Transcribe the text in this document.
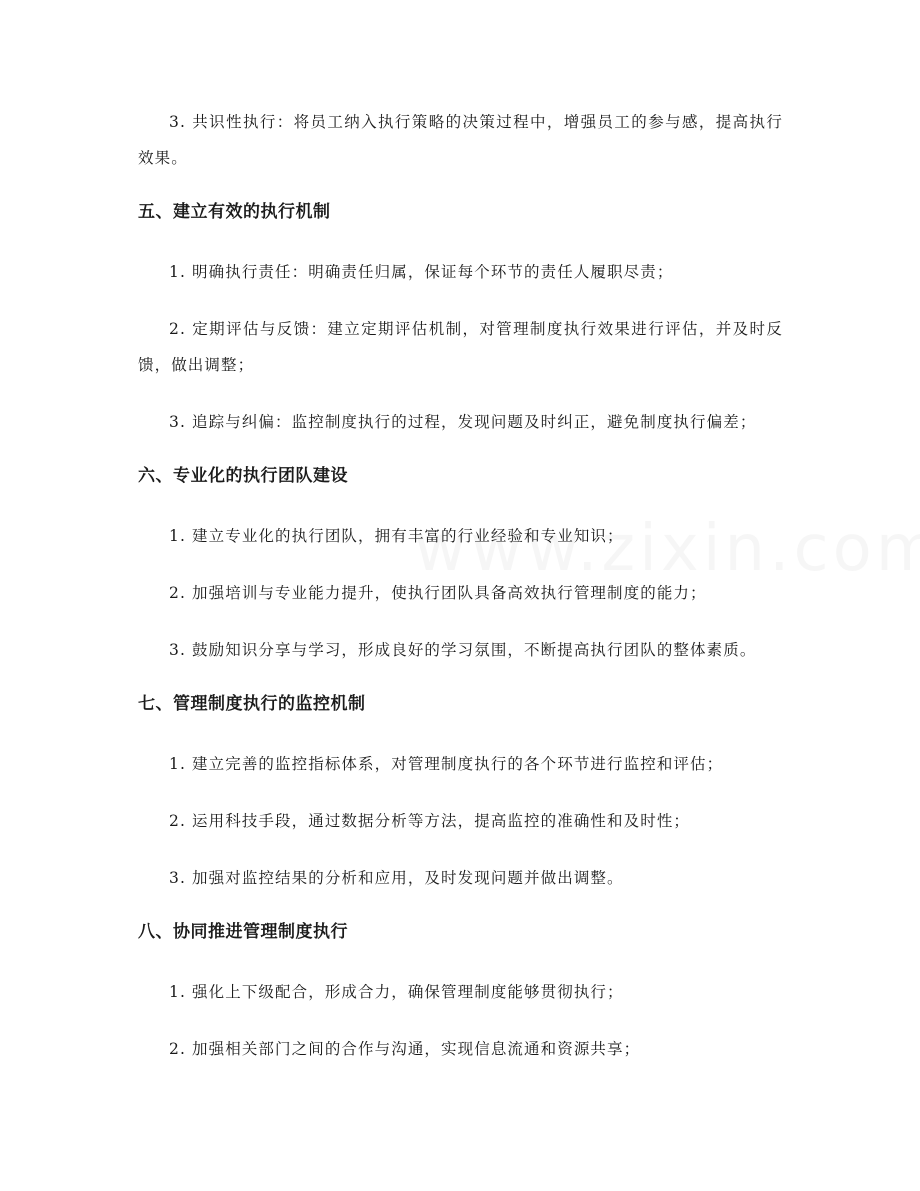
3. 共识性执行：将员工纳入执行策略的决策过程中，增强员工的参与感，提高执行效果。

五、建立有效的执行机制

1. 明确执行责任：明确责任归属，保证每个环节的责任人履职尽责；

2. 定期评估与反馈：建立定期评估机制，对管理制度执行效果进行评估，并及时反馈，做出调整；

3. 追踪与纠偏：监控制度执行的过程，发现问题及时纠正，避免制度执行偏差；

六、专业化的执行团队建设

1. 建立专业化的执行团队，拥有丰富的行业经验和专业知识；

2. 加强培训与专业能力提升，使执行团队具备高效执行管理制度的能力；

3. 鼓励知识分享与学习，形成良好的学习氛围，不断提高执行团队的整体素质。

七、管理制度执行的监控机制

1. 建立完善的监控指标体系，对管理制度执行的各个环节进行监控和评估；

2. 运用科技手段，通过数据分析等方法，提高监控的准确性和及时性；

3. 加强对监控结果的分析和应用，及时发现问题并做出调整。

八、协同推进管理制度执行

1. 强化上下级配合，形成合力，确保管理制度能够贯彻执行；

2. 加强相关部门之间的合作与沟通，实现信息流通和资源共享；
